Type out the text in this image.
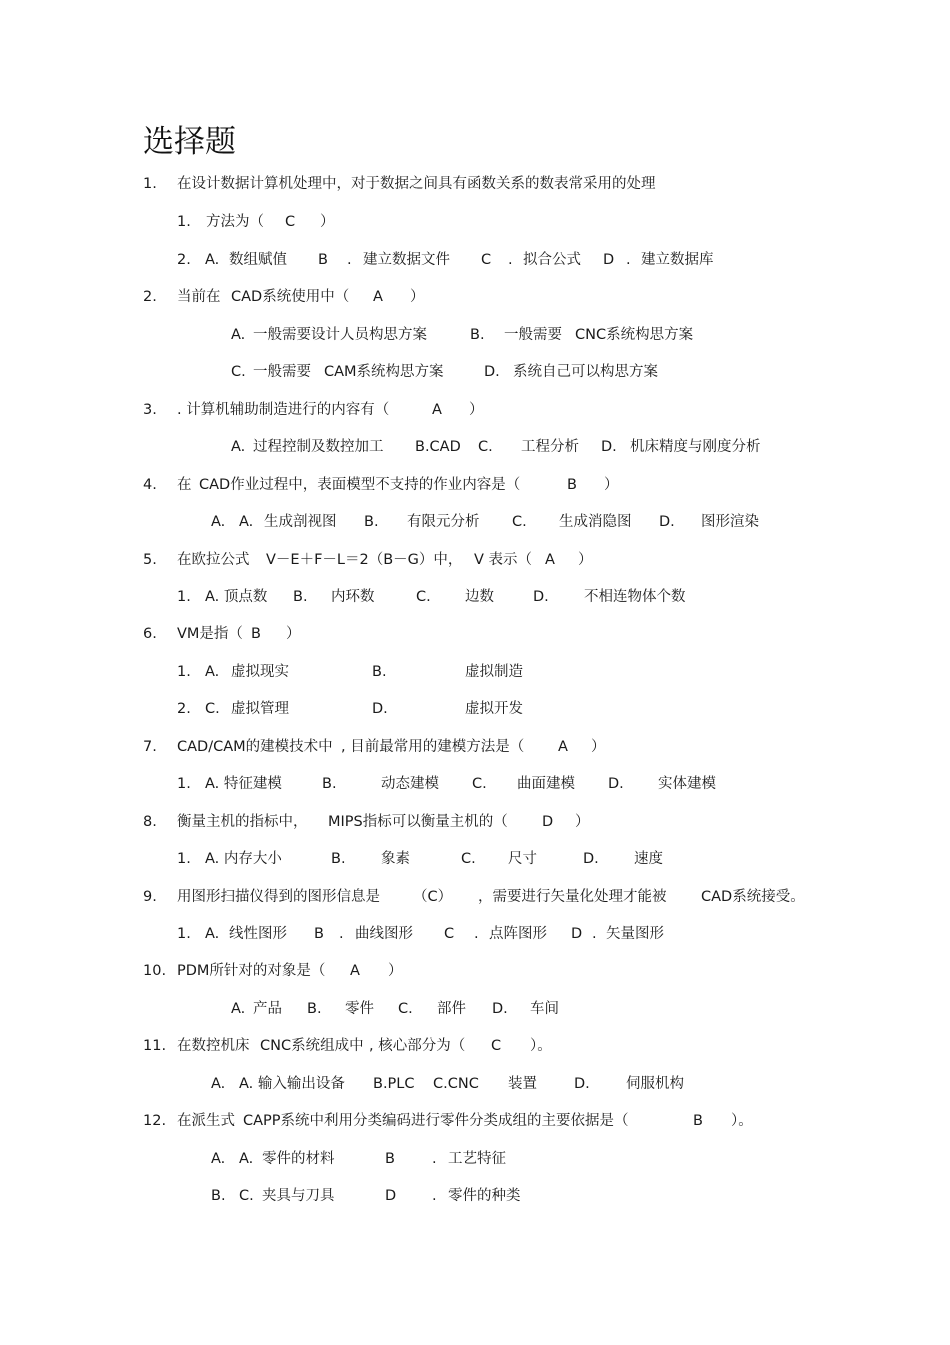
选择题
1. 在设计数据计算机处理中，对于数据之间具有函数关系的数表常采用的处理
1. 方法为（ C ）
2. A. 数组赋值 B . 建立数据文件 C . 拟合公式 D . 建立数据库
2. 当前在 CAD系统使用中（ A ）
A. 一般需要设计人员构思方案	B. 一般需要 CNC系统构思方案
C. 一般需要 CAM系统构思方案	D. 系统自己可以构思方案
3. . 计算机辅助制造进行的内容有（	A ）
A. 过程控制及数控加工 B.CAD C. 工程分析 D. 机床精度与刚度分析
4. 在 CAD作业过程中，表面模型不支持的作业内容是（	B ）
A. A. 生成剖视图 B. 有限元分析 C. 生成消隐图 D. 图形渲染
5. 在欧拉公式 V－E＋F－L＝2（B－G）中， V 表示（ A ）
1. A. 顶点数 B. 内环数	C. 边数	D. 不相连物体个数
6. VM是指（ B ）
1. A. 虚拟现实	B.	虚拟制造
2. C. 虚拟管理	D.	虚拟开发
7. CAD/CAM的建模技术中 , 目前最常用的建模方法是（ A ）
1. A. 特征建模	B.	动态建模 C. 曲面建模 D. 实体建模
8. 衡量主机的指标中， MIPS指标可以衡量主机的（ D ）
1. A. 内存大小	B. 象素	C. 尺寸	D. 速度
9. 用图形扫描仪得到的图形信息是 （C） ，需要进行矢量化处理才能被 CAD系统接受。
1. A. 线性图形 B . 曲线图形 C . 点阵图形 D . 矢量图形
10. PDM所针对的对象是（ A ）
A. 产品 B. 零件 C. 部件 D. 车间
11. 在数控机床 CNC系统组成中 , 核心部分为（ C ）。
A. A. 输入输出设备 B.PLC C.CNC 装置	D. 伺服机构
12. 在派生式 CAPP系统中利用分类编码进行零件分类成组的主要依据是（	B ）。
A. A. 零件的材料	B	. 工艺特征
B. C. 夹具与刀具	D . 零件的种类
